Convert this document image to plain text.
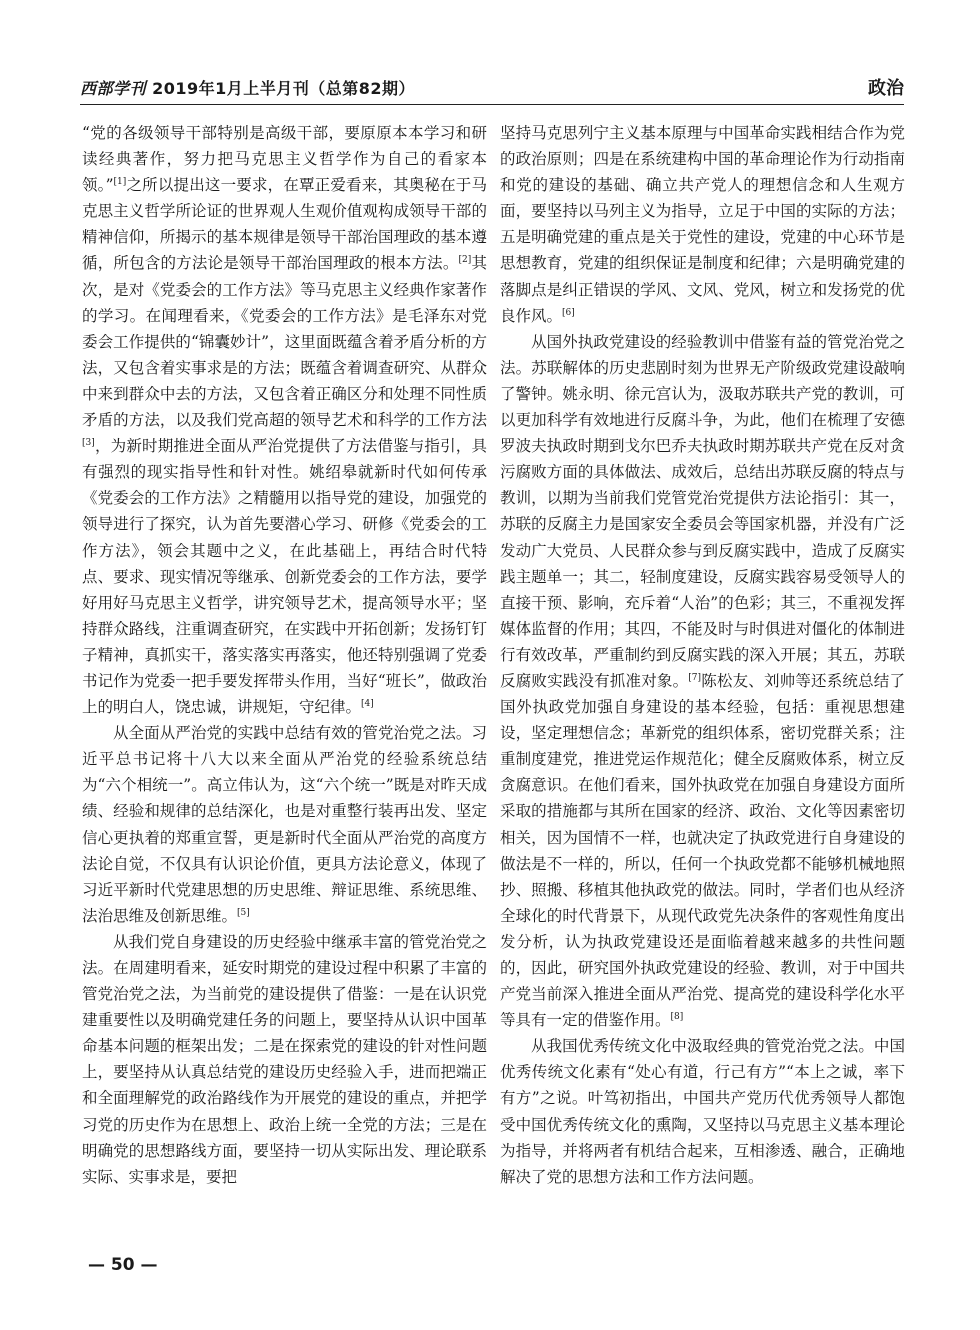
西部学刊 2019年1月上半月刊（总第82期）	政治

“党的各级领导干部特别是高级干部，要原原本本学习和研读经典著作，努力把马克思主义哲学作为自己的看家本领。”[1]之所以提出这一要求，在覃正爱看来，其奥秘在于马克思主义哲学所论证的世界观人生观价值观构成领导干部的精神信仰，所揭示的基本规律是领导干部治国理政的基本遵循，所包含的方法论是领导干部治国理政的根本方法。[2]其次，是对《党委会的工作方法》等马克思主义经典作家著作的学习。在闻理看来，《党委会的工作方法》是毛泽东对党委会工作提供的“锦囊妙计”，这里面既蕴含着矛盾分析的方法，又包含着实事求是的方法；既蕴含着调查研究、从群众中来到群众中去的方法，又包含着正确区分和处理不同性质矛盾的方法，以及我们党高超的领导艺术和科学的工作方法[3]，为新时期推进全面从严治党提供了方法借鉴与指引，具有强烈的现实指导性和针对性。姚绍皋就新时代如何传承《党委会的工作方法》之精髓用以指导党的建设，加强党的领导进行了探究，认为首先要潜心学习、研修《党委会的工作方法》，领会其题中之义，在此基础上，再结合时代特点、要求、现实情况等继承、创新党委会的工作方法，要学好用好马克思主义哲学，讲究领导艺术，提高领导水平；坚持群众路线，注重调查研究，在实践中开拓创新；发扬钉钉子精神，真抓实干，落实落实再落实，他还特别强调了党委书记作为党委一把手要发挥带头作用，当好“班长”，做政治上的明白人，饶忠诚，讲规矩，守纪律。[4]

从全面从严治党的实践中总结有效的管党治党之法。习近平总书记将十八大以来全面从严治党的经验系统总结为“六个相统一”。高立伟认为，这“六个统一”既是对昨天成绩、经验和规律的总结深化，也是对重整行装再出发、坚定信心更执着的郑重宣誓，更是新时代全面从严治党的高度方法论自觉，不仅具有认识论价值，更具方法论意义，体现了习近平新时代党建思想的历史思维、辩证思维、系统思维、法治思维及创新思维。[5]

从我们党自身建设的历史经验中继承丰富的管党治党之法。在周建明看来，延安时期党的建设过程中积累了丰富的管党治党之法，为当前党的建设提供了借鉴：一是在认识党建重要性以及明确党建任务的问题上，要坚持从认识中国革命基本问题的框架出发；二是在探索党的建设的针对性问题上，要坚持从认真总结党的建设历史经验入手，进而把端正和全面理解党的政治路线作为开展党的建设的重点，并把学习党的历史作为在思想上、政治上统一全党的方法；三是在明确党的思想路线方面，要坚持一切从实际出发、理论联系实际、实事求是，要把

坚持马克思列宁主义基本原理与中国革命实践相结合作为党的政治原则；四是在系统建构中国的革命理论作为行动指南和党的建设的基础、确立共产党人的理想信念和人生观方面，要坚持以马列主义为指导，立足于中国的实际的方法；五是明确党建的重点是关于党性的建设，党建的中心环节是思想教育，党建的组织保证是制度和纪律；六是明确党建的落脚点是纠正错误的学风、文风、党风，树立和发扬党的优良作风。[6]

从国外执政党建设的经验教训中借鉴有益的管党治党之法。苏联解体的历史悲剧时刻为世界无产阶级政党建设敲响了警钟。姚永明、徐元宫认为，汲取苏联共产党的教训，可以更加科学有效地进行反腐斗争，为此，他们在梳理了安德罗波夫执政时期到戈尔巴乔夫执政时期苏联共产党在反对贪污腐败方面的具体做法、成效后，总结出苏联反腐的特点与教训，以期为当前我们党管党治党提供方法论指引：其一，苏联的反腐主力是国家安全委员会等国家机器，并没有广泛发动广大党员、人民群众参与到反腐实践中，造成了反腐实践主题单一；其二，轻制度建设，反腐实践容易受领导人的直接干预、影响，充斥着“人治”的色彩；其三，不重视发挥媒体监督的作用；其四，不能及时与时俱进对僵化的体制进行有效改革，严重制约到反腐实践的深入开展；其五，苏联反腐败实践没有抓准对象。[7]陈松友、刘帅等还系统总结了国外执政党加强自身建设的基本经验，包括：重视思想建设，坚定理想信念；革新党的组织体系，密切党群关系；注重制度建党，推进党运作规范化；健全反腐败体系，树立反贪腐意识。在他们看来，国外执政党在加强自身建设方面所采取的措施都与其所在国家的经济、政治、文化等因素密切相关，因为国情不一样，也就决定了执政党进行自身建设的做法是不一样的，所以，任何一个执政党都不能够机械地照抄、照搬、移植其他执政党的做法。同时，学者们也从经济全球化的时代背景下，从现代政党先决条件的客观性角度出发分析，认为执政党建设还是面临着越来越多的共性问题的，因此，研究国外执政党建设的经验、教训，对于中国共产党当前深入推进全面从严治党、提高党的建设科学化水平等具有一定的借鉴作用。[8]

从我国优秀传统文化中汲取经典的管党治党之法。中国优秀传统文化素有“处心有道，行己有方”“本上之诚，率下有方”之说。叶笃初指出，中国共产党历代优秀领导人都饱受中国优秀传统文化的熏陶，又坚持以马克思主义基本理论为指导，并将两者有机结合起来，互相渗透、融合，正确地解决了党的思想方法和工作方法问题。

— 50 —
